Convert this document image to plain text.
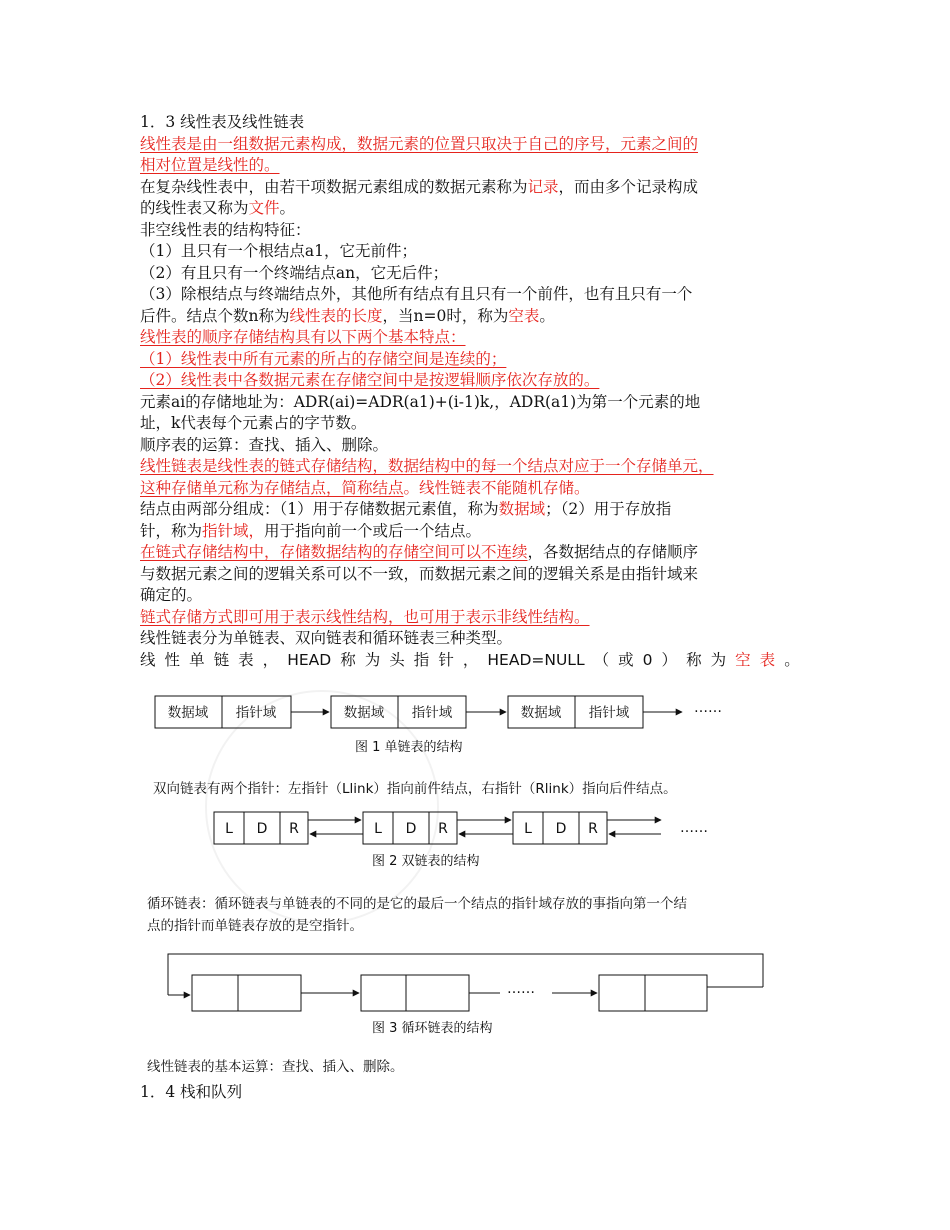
1．3 线性表及线性链表

线性表是由一组数据元素构成，数据元素的位置只取决于自己的序号，元素之间的

相对位置是线性的。

在复杂线性表中，由若干项数据元素组成的数据元素称为记录，而由多个记录构成

的线性表又称为文件。

非空线性表的结构特征：

（1）且只有一个根结点a1，它无前件；

（2）有且只有一个终端结点an，它无后件；

（3）除根结点与终端结点外，其他所有结点有且只有一个前件，也有且只有一个

后件。结点个数n称为线性表的长度，当n=0时，称为空表。

线性表的顺序存储结构具有以下两个基本特点：

（1）线性表中所有元素的所占的存储空间是连续的；

（2）线性表中各数据元素在存储空间中是按逻辑顺序依次存放的。

元素ai的存储地址为：ADR(ai)=ADR(a1)+(i-1)k,，ADR(a1)为第一个元素的地

址，k代表每个元素占的字节数。

顺序表的运算：查找、插入、删除。

线性链表是线性表的链式存储结构，数据结构中的每一个结点对应于一个存储单元，

这种存储单元称为存储结点，简称结点。线性链表不能随机存储。

结点由两部分组成：（1）用于存储数据元素值，称为数据域；（2）用于存放指

针，称为指针域，用于指向前一个或后一个结点。

在链式存储结构中，存储数据结构的存储空间可以不连续，各数据结点的存储顺序

与数据元素之间的逻辑关系可以不一致，而数据元素之间的逻辑关系是由指针域来

确定的。

链式存储方式即可用于表示线性结构，也可用于表示非线性结构。

线性链表分为单链表、双向链表和循环链表三种类型。

线 性 单 链 表 ， HEAD 称 为 头 指 针 ， HEAD=NULL （ 或 0 ） 称 为 空 表 。

数据域 指针域	数据域 指针域	数据域 指针域	……
图 1 单链表的结构
双向链表有两个指针：左指针（Llink）指向前件结点，右指针（Rlink）指向后件结点。
L D R	L D R	L D R	……
图 2 双链表的结构
循环链表：循环链表与单链表的不同的是它的最后一个结点的指针域存放的事指向第一个结
点的指针而单链表存放的是空指针。
……
图 3 循环链表的结构
线性链表的基本运算：查找、插入、删除。

1．4 栈和队列
